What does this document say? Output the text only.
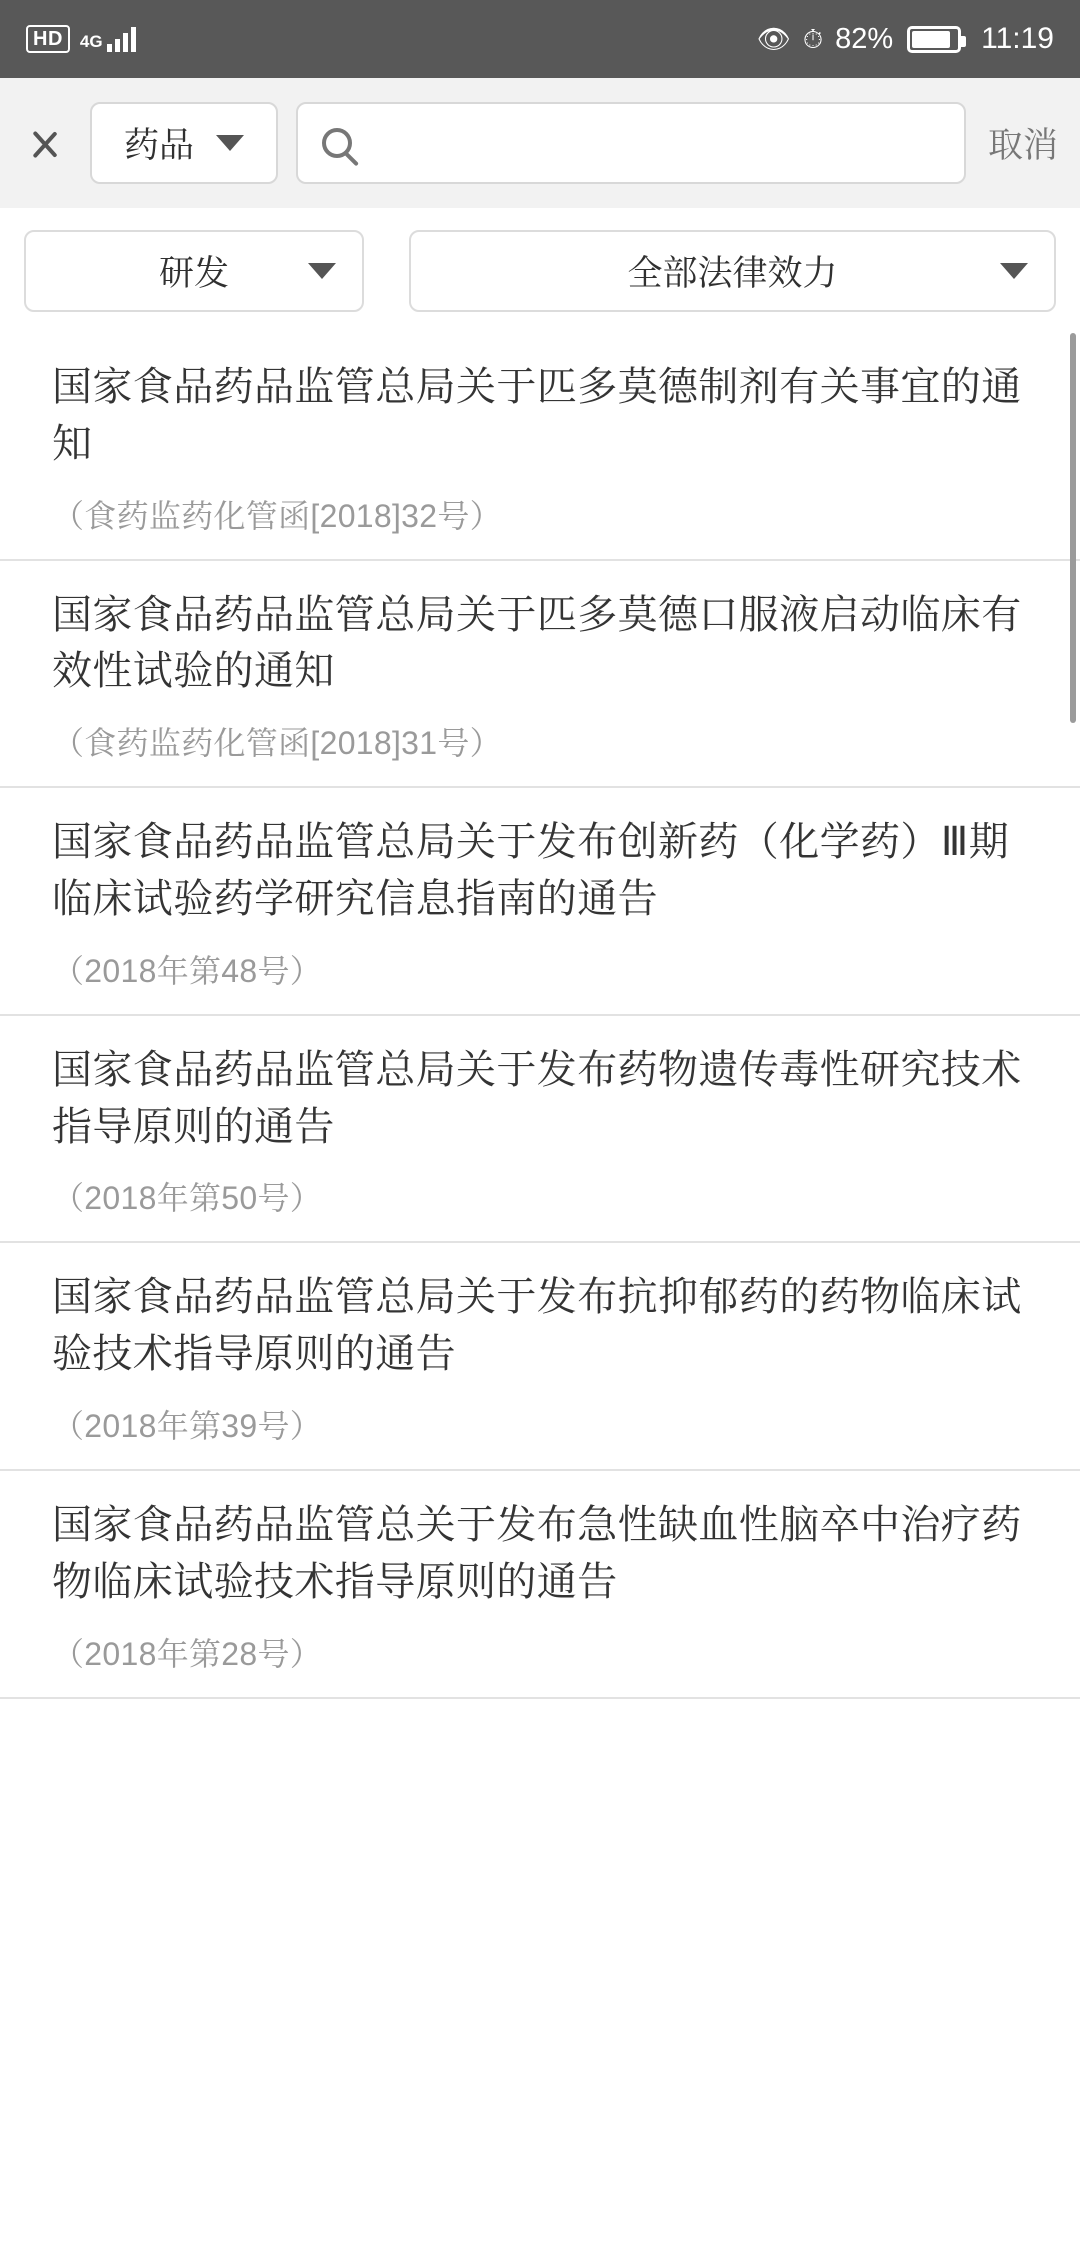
HD	4G	👁 ⏱ 82%	11:19
药品	取消
研发	全部法律效力
国家食品药品监管总局关于匹多莫德制剂有关事宜的通知
（食药监药化管函[2018]32号）
国家食品药品监管总局关于匹多莫德口服液启动临床有效性试验的通知
（食药监药化管函[2018]31号）
国家食品药品监管总局关于发布创新药（化学药）Ⅲ期临床试验药学研究信息指南的通告
（2018年第48号）
国家食品药品监管总局关于发布药物遗传毒性研究技术指导原则的通告
（2018年第50号）
国家食品药品监管总局关于发布抗抑郁药的药物临床试验技术指导原则的通告
（2018年第39号）
国家食品药品监管总关于发布急性缺血性脑卒中治疗药物临床试验技术指导原则的通告
（2018年第28号）
